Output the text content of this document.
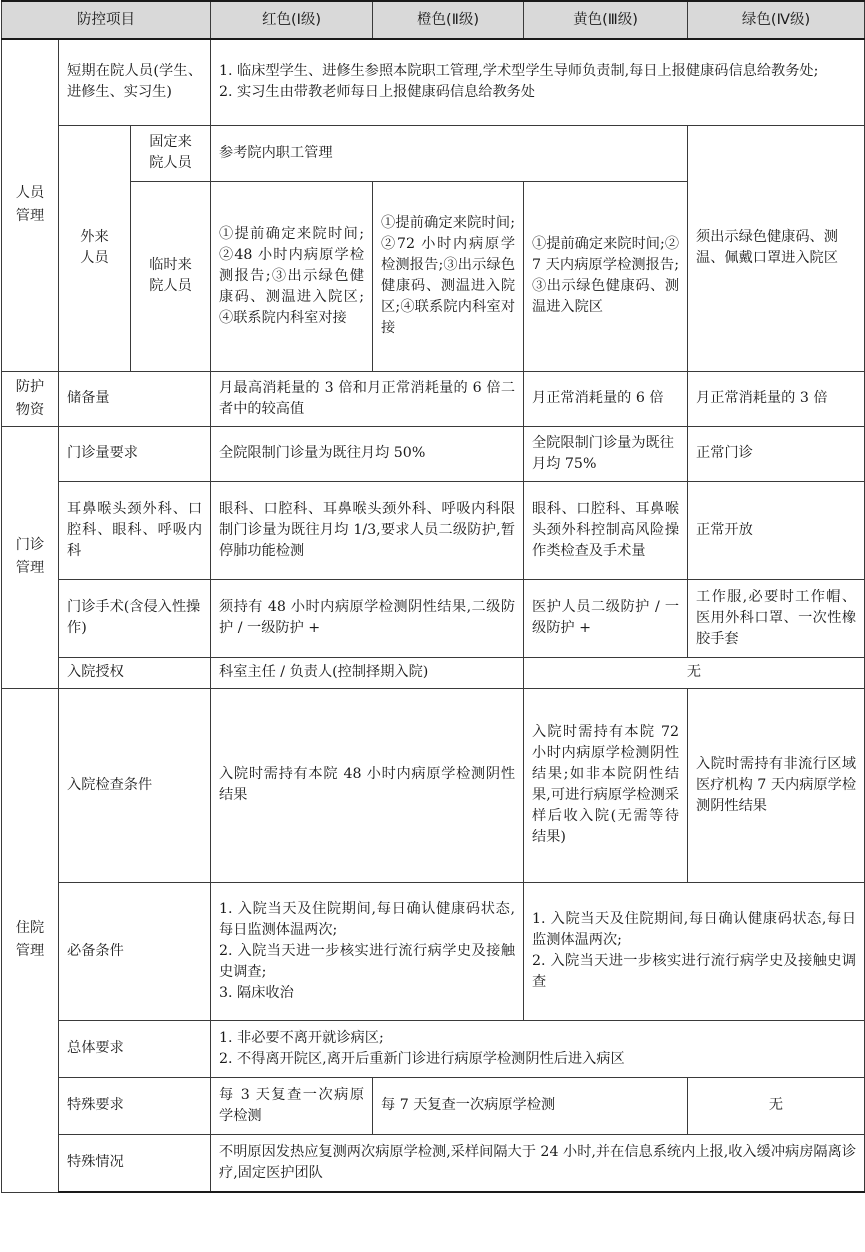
防控项目			红色(Ⅰ级)	橙色(Ⅱ级)	黄色(Ⅲ级)	绿色(Ⅳ级)

人员
管理	短期在院人员(学生、进修生、实习生)		1. 临床型学生、进修生参照本院职工管理,学术型学生导师负责制,每日上报健康码信息给教务处;
2. 实习生由带教老师每日上报健康码信息给教务处			

	外来
人员	固定来
院人员	参考院内职工管理			须出示绿色健康码、测温、佩戴口罩进入院区

		临时来
院人员	①提前确定来院时间;②48 小时内病原学检测报告;③出示绿色健康码、测温进入院区;④联系院内科室对接	①提前确定来院时间;②72 小时内病原学检测报告;③出示绿色健康码、测温进入院区;④联系院内科室对接	①提前确定来院时间;②7 天内病原学检测报告;③出示绿色健康码、测温进入院区	

防护
物资	储备量		月最高消耗量的 3 倍和月正常消耗量的 6 倍二者中的较高值		月正常消耗量的 6 倍	月正常消耗量的 3 倍

门诊
管理	门诊量要求		全院限制门诊量为既往月均 50%		全院限制门诊量为既往月均 75%	正常门诊
	耳鼻喉头颈外科、口腔科、眼科、呼吸内科		眼科、口腔科、耳鼻喉头颈外科、呼吸内科限制门诊量为既往月均 1/3,要求人员二级防护,暂停肺功能检测		眼科、口腔科、耳鼻喉头颈外科控制高风险操作类检查及手术量	正常开放
	门诊手术(含侵入性操作)		须持有 48 小时内病原学检测阴性结果,二级防护 / 一级防护 +		医护人员二级防护 / 一级防护 +	工作服,必要时工作帽、医用外科口罩、一次性橡胶手套
	入院授权		科室主任 / 负责人(控制择期入院)		无	

住院
管理	入院检查条件		入院时需持有本院 48 小时内病原学检测阴性结果		入院时需持有本院 72 小时内病原学检测阴性结果;如非本院阴性结果,可进行病原学检测采样后收入院(无需等待结果)	入院时需持有非流行区域医疗机构 7 天内病原学检测阴性结果
	必备条件		1. 入院当天及住院期间,每日确认健康码状态,每日监测体温两次;
2. 入院当天进一步核实进行流行病学史及接触史调查;
3. 隔床收治		1. 入院当天及住院期间,每日确认健康码状态,每日监测体温两次;
2. 入院当天进一步核实进行流行病学史及接触史调查	

	总体要求		1. 非必要不离开就诊病区;
2. 不得离开院区,离开后重新门诊进行病原学检测阴性后进入病区			

	特殊要求		每 3 天复查一次病原学检测	每 7 天复查一次病原学检测		无
	特殊情况		不明原因发热应复测两次病原学检测,采样间隔大于 24 小时,并在信息系统内上报,收入缓冲病房隔离诊疗,固定医护团队			
